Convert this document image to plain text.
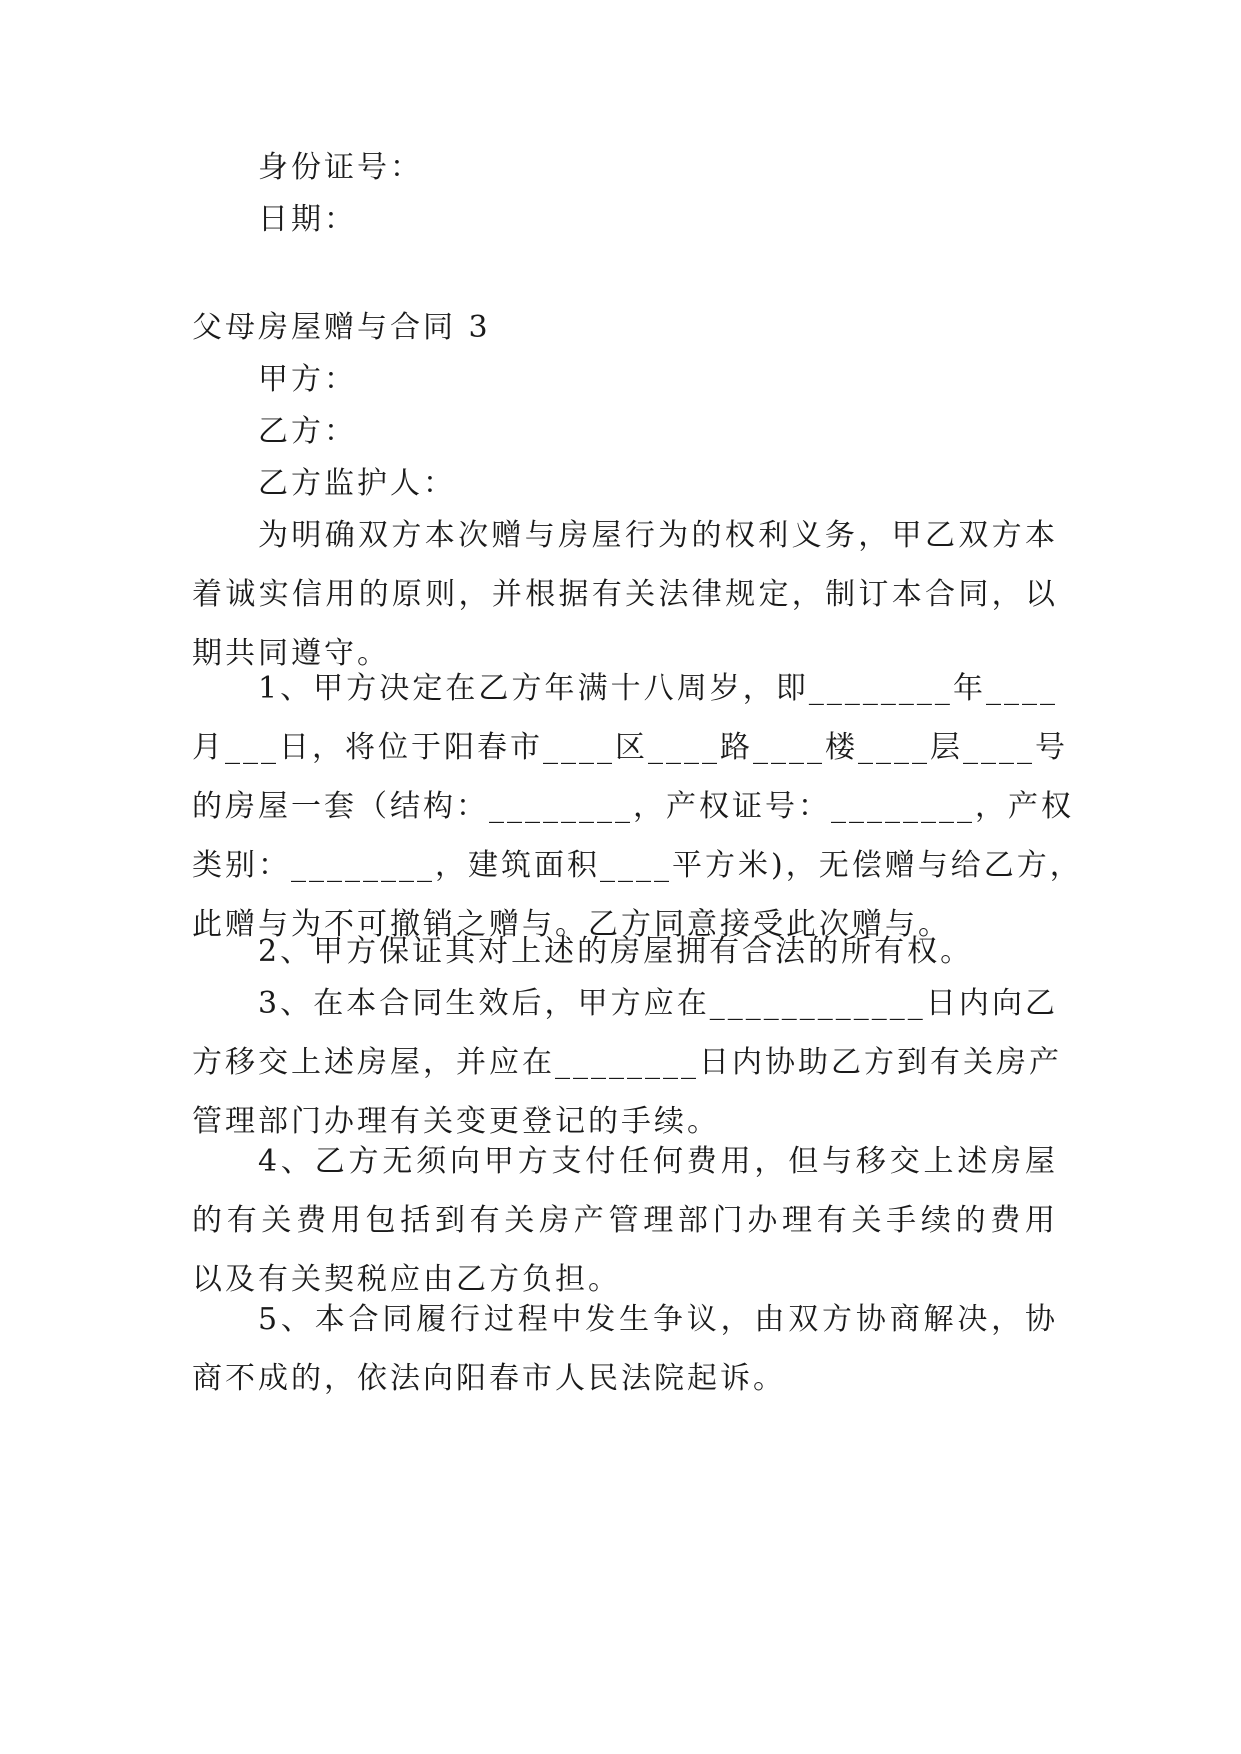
身份证号：
日期：
父母房屋赠与合同 3
甲方：
乙方：
乙方监护人：
为明确双方本次赠与房屋行为的权利义务，甲乙双方本
着诚实信用的原则，并根据有关法律规定，制订本合同，以
期共同遵守。
1、甲方决定在乙方年满十八周岁，即________年____
月___日，将位于阳春市____区____路____楼____层____号
的房屋一套（结构：________，产权证号：________，产权
类别：________，建筑面积____平方米)，无偿赠与给乙方，
此赠与为不可撤销之赠与。乙方同意接受此次赠与。
2、甲方保证其对上述的房屋拥有合法的所有权。
3、在本合同生效后，甲方应在____________日内向乙
方移交上述房屋，并应在________日内协助乙方到有关房产
管理部门办理有关变更登记的手续。
4、乙方无须向甲方支付任何费用，但与移交上述房屋
的有关费用包括到有关房产管理部门办理有关手续的费用
以及有关契税应由乙方负担。
5、本合同履行过程中发生争议，由双方协商解决，协
商不成的，依法向阳春市人民法院起诉。
